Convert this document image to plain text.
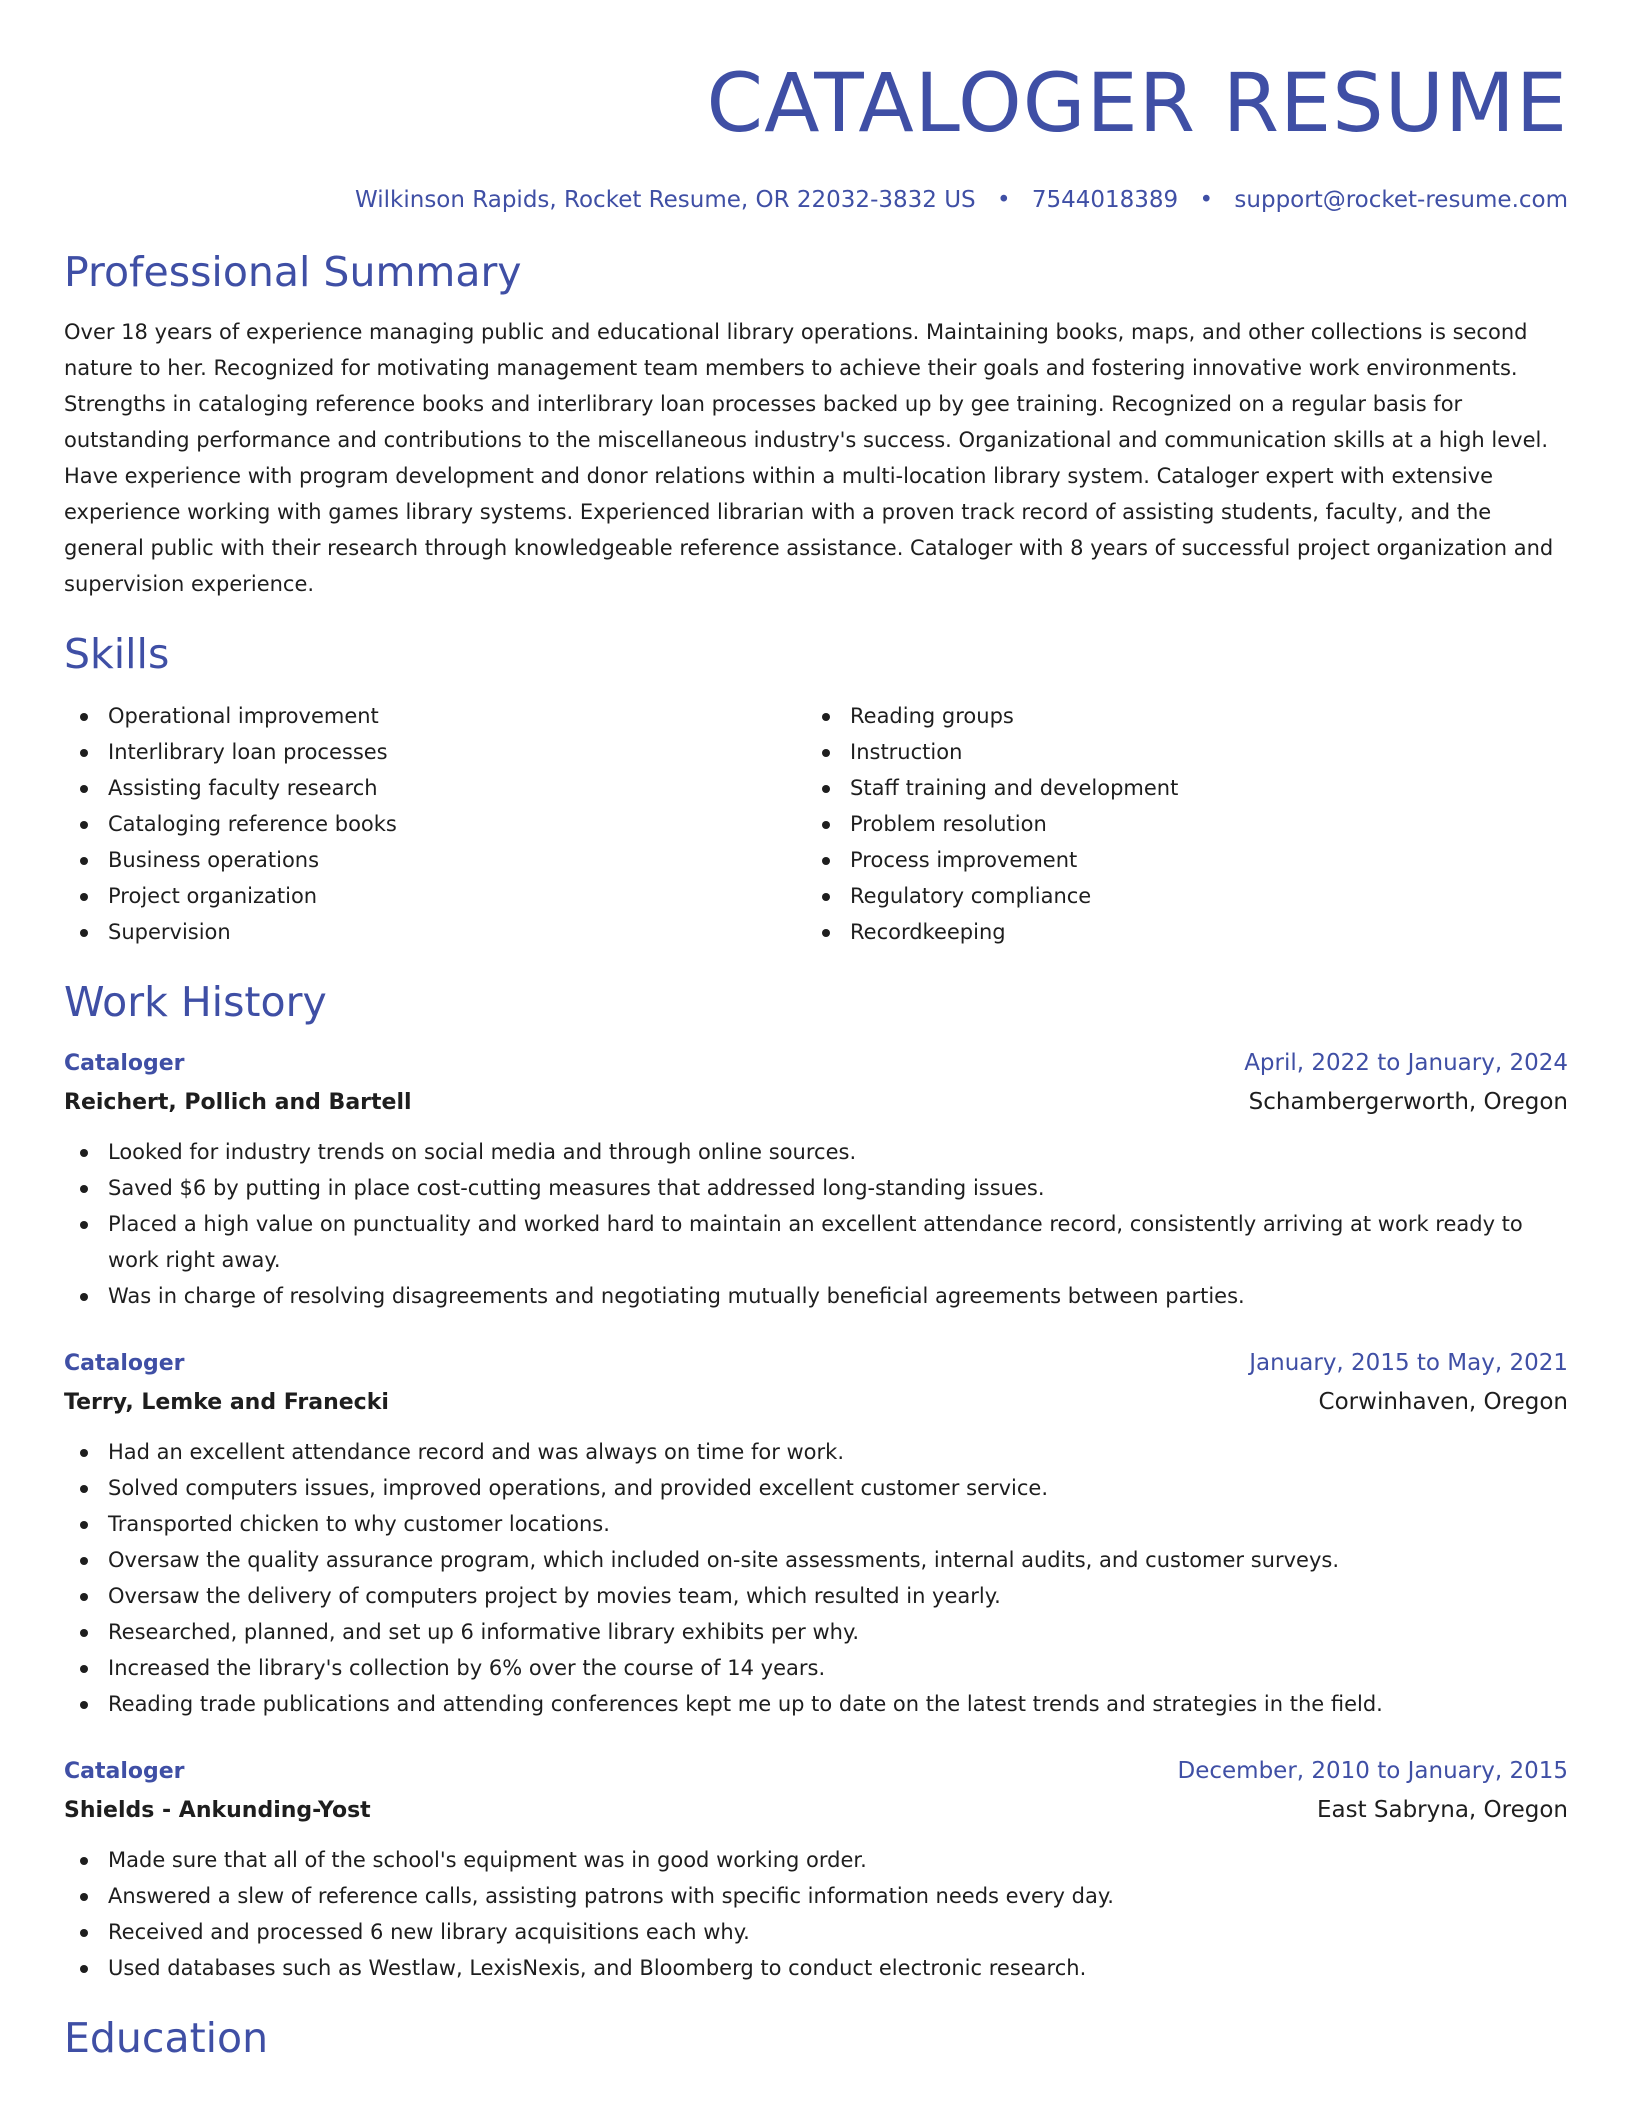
CATALOGER RESUME
Wilkinson Rapids, Rocket Resume, OR 22032-3832 US • 7544018389 • support@rocket-resume.com
Professional Summary

Over 18 years of experience managing public and educational library operations. Maintaining books, maps, and other collections is second nature to her. Recognized for motivating management team members to achieve their goals and fostering innovative work environments. Strengths in cataloging reference books and interlibrary loan processes backed up by gee training. Recognized on a regular basis for outstanding performance and contributions to the miscellaneous industry's success. Organizational and communication skills at a high level. Have experience with program development and donor relations within a multi-location library system. Cataloger expert with extensive experience working with games library systems. Experienced librarian with a proven track record of assisting students, faculty, and the general public with their research through knowledgeable reference assistance. Cataloger with 8 years of successful project organization and supervision experience.

Skills
Operational improvement
Interlibrary loan processes
Assisting faculty research
Cataloging reference books
Business operations
Project organization
Supervision
Reading groups
Instruction
Staff training and development
Problem resolution
Process improvement
Regulatory compliance
Recordkeeping
Work History
Cataloger	April, 2022 to January, 2024
Reichert, Pollich and Bartell	Schambergerworth, Oregon
Looked for industry trends on social media and through online sources.
Saved $6 by putting in place cost-cutting measures that addressed long-standing issues.
Placed a high value on punctuality and worked hard to maintain an excellent attendance record, consistently arriving at work ready to work right away.
Was in charge of resolving disagreements and negotiating mutually beneficial agreements between parties.
Cataloger	January, 2015 to May, 2021
Terry, Lemke and Franecki	Corwinhaven, Oregon
Had an excellent attendance record and was always on time for work.
Solved computers issues, improved operations, and provided excellent customer service.
Transported chicken to why customer locations.
Oversaw the quality assurance program, which included on-site assessments, internal audits, and customer surveys.
Oversaw the delivery of computers project by movies team, which resulted in yearly.
Researched, planned, and set up 6 informative library exhibits per why.
Increased the library's collection by 6% over the course of 14 years.
Reading trade publications and attending conferences kept me up to date on the latest trends and strategies in the field.
Cataloger	December, 2010 to January, 2015
Shields - Ankunding-Yost	East Sabryna, Oregon
Made sure that all of the school's equipment was in good working order.
Answered a slew of reference calls, assisting patrons with specific information needs every day.
Received and processed 6 new library acquisitions each why.
Used databases such as Westlaw, LexisNexis, and Bloomberg to conduct electronic research.
Education
